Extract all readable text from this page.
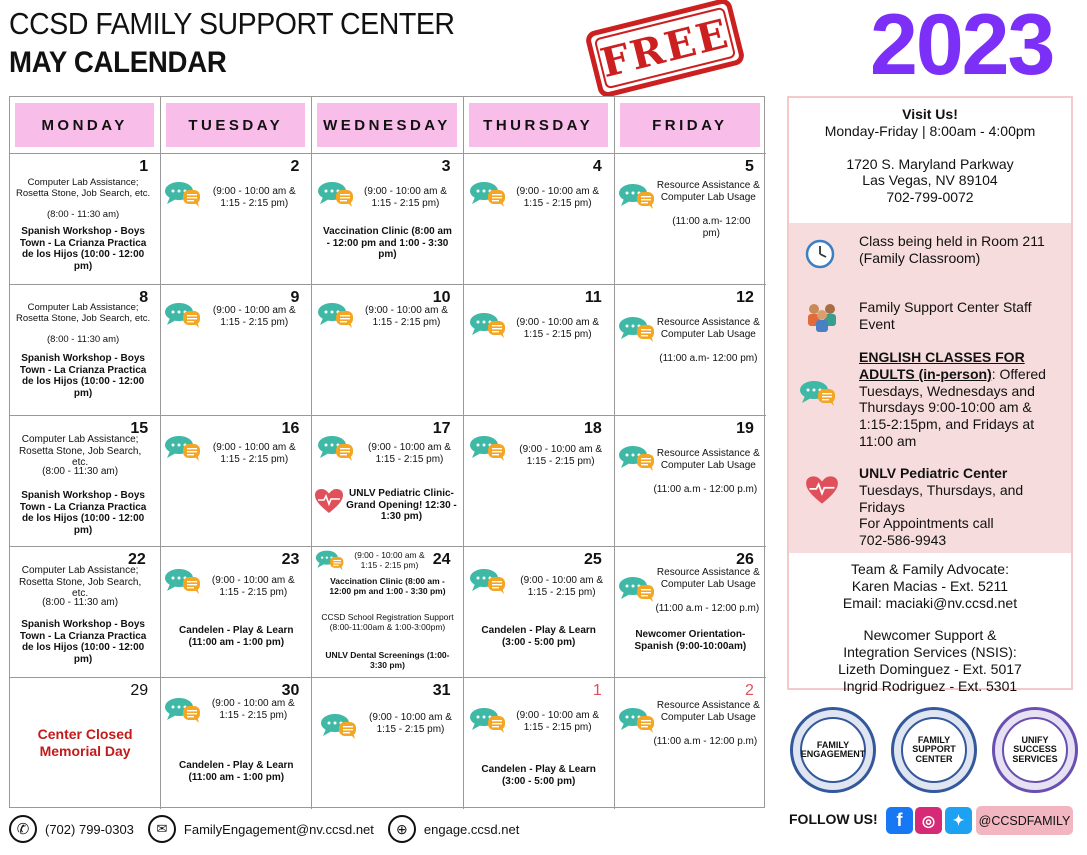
CCSD FAMILY SUPPORT CENTER
MAY CALENDAR	FREE 2023
MONDAY	TUESDAY	WEDNESDAY	THURSDAY	FRIDAY
1
Computer Lab Assistance; Rosetta Stone, Job Search, etc.
(8:00 - 11:30 am)
Spanish Workshop - Boys Town - La Crianza Practica de los Hijos (10:00 - 12:00 pm)
2
(9:00 - 10:00 am & 1:15 - 2:15 pm)
3
(9:00 - 10:00 am & 1:15 - 2:15 pm)
Vaccination Clinic (8:00 am - 12:00 pm and 1:00 - 3:30 pm)
4
(9:00 - 10:00 am & 1:15 - 2:15 pm)
5
Resource Assistance & Computer Lab Usage
(11:00 a.m- 12:00 pm)
8
Computer Lab Assistance; Rosetta Stone, Job Search, etc.
(8:00 - 11:30 am)
Spanish Workshop - Boys Town - La Crianza Practica de los Hijos (10:00 - 12:00 pm)
9
(9:00 - 10:00 am & 1:15 - 2:15 pm)
10
(9:00 - 10:00 am & 1:15 - 2:15 pm)
11
(9:00 - 10:00 am & 1:15 - 2:15 pm)
12
Resource Assistance & Computer Lab Usage
(11:00 a.m- 12:00 pm)
15
Computer Lab Assistance; Rosetta Stone, Job Search, etc.
(8:00 - 11:30 am)
Spanish Workshop - Boys Town - La Crianza Practica de los Hijos (10:00 - 12:00 pm)
16
(9:00 - 10:00 am & 1:15 - 2:15 pm)
17
(9:00 - 10:00 am & 1:15 - 2:15 pm)
UNLV Pediatric Clinic- Grand Opening! 12:30 - 1:30 pm)
18
(9:00 - 10:00 am & 1:15 - 2:15 pm)
19
Resource Assistance & Computer Lab Usage
(11:00 a.m - 12:00 p.m)
22
Computer Lab Assistance; Rosetta Stone, Job Search, etc.
(8:00 - 11:30 am)
Spanish Workshop - Boys Town - La Crianza Practica de los Hijos (10:00 - 12:00 pm)
23
(9:00 - 10:00 am & 1:15 - 2:15 pm)
Candelen - Play & Learn (11:00 am - 1:00 pm)
24
(9:00 - 10:00 am & 1:15 - 2:15 pm)
Vaccination Clinic (8:00 am - 12:00 pm and 1:00 - 3:30 pm)
CCSD School Registration Support (8:00-11:00am & 1:00-3:00pm)
UNLV Dental Screenings (1:00-3:30 pm)
25
(9:00 - 10:00 am & 1:15 - 2:15 pm)
Candelen - Play & Learn (3:00 - 5:00 pm)
26
Resource Assistance & Computer Lab Usage
(11:00 a.m - 12:00 p.m)
Newcomer Orientation- Spanish (9:00-10:00am)
29
Center Closed Memorial Day
30
(9:00 - 10:00 am & 1:15 - 2:15 pm)
Candelen - Play & Learn (11:00 am - 1:00 pm)
31
(9:00 - 10:00 am & 1:15 - 2:15 pm)
1
(9:00 - 10:00 am & 1:15 - 2:15 pm)
Candelen - Play & Learn (3:00 - 5:00 pm)
2
Resource Assistance & Computer Lab Usage
(11:00 a.m - 12:00 p.m)
Visit Us!
Monday-Friday | 8:00am - 4:00pm
1720 S. Maryland Parkway
Las Vegas, NV 89104
702-799-0072
Class being held in Room 211 (Family Classroom)
Family Support Center Staff Event
ENGLISH CLASSES FOR ADULTS (in-person): Offered Tuesdays, Wednesdays and Thursdays 9:00-10:00 am & 1:15-2:15pm, and Fridays at 11:00 am
UNLV Pediatric Center
Tuesdays, Thursdays, and Fridays
For Appointments call
702-586-9943
Team & Family Advocate:
Karen Macias - Ext. 5211
Email: maciaki@nv.ccsd.net
Newcomer Support &
Integration Services (NSIS):
Lizeth Dominguez - Ext. 5017
Ingrid Rodriguez - Ext. 5301
FAMILY ENGAGEMENT
FAMILY SUPPORT CENTER
UNIFY SUCCESS SERVICES
✆	(702) 799-0303	✉	FamilyEngagement@nv.ccsd.net	⊕	engage.ccsd.net
FOLLOW US!	f	◎	✦	@CCSDFAMILY
